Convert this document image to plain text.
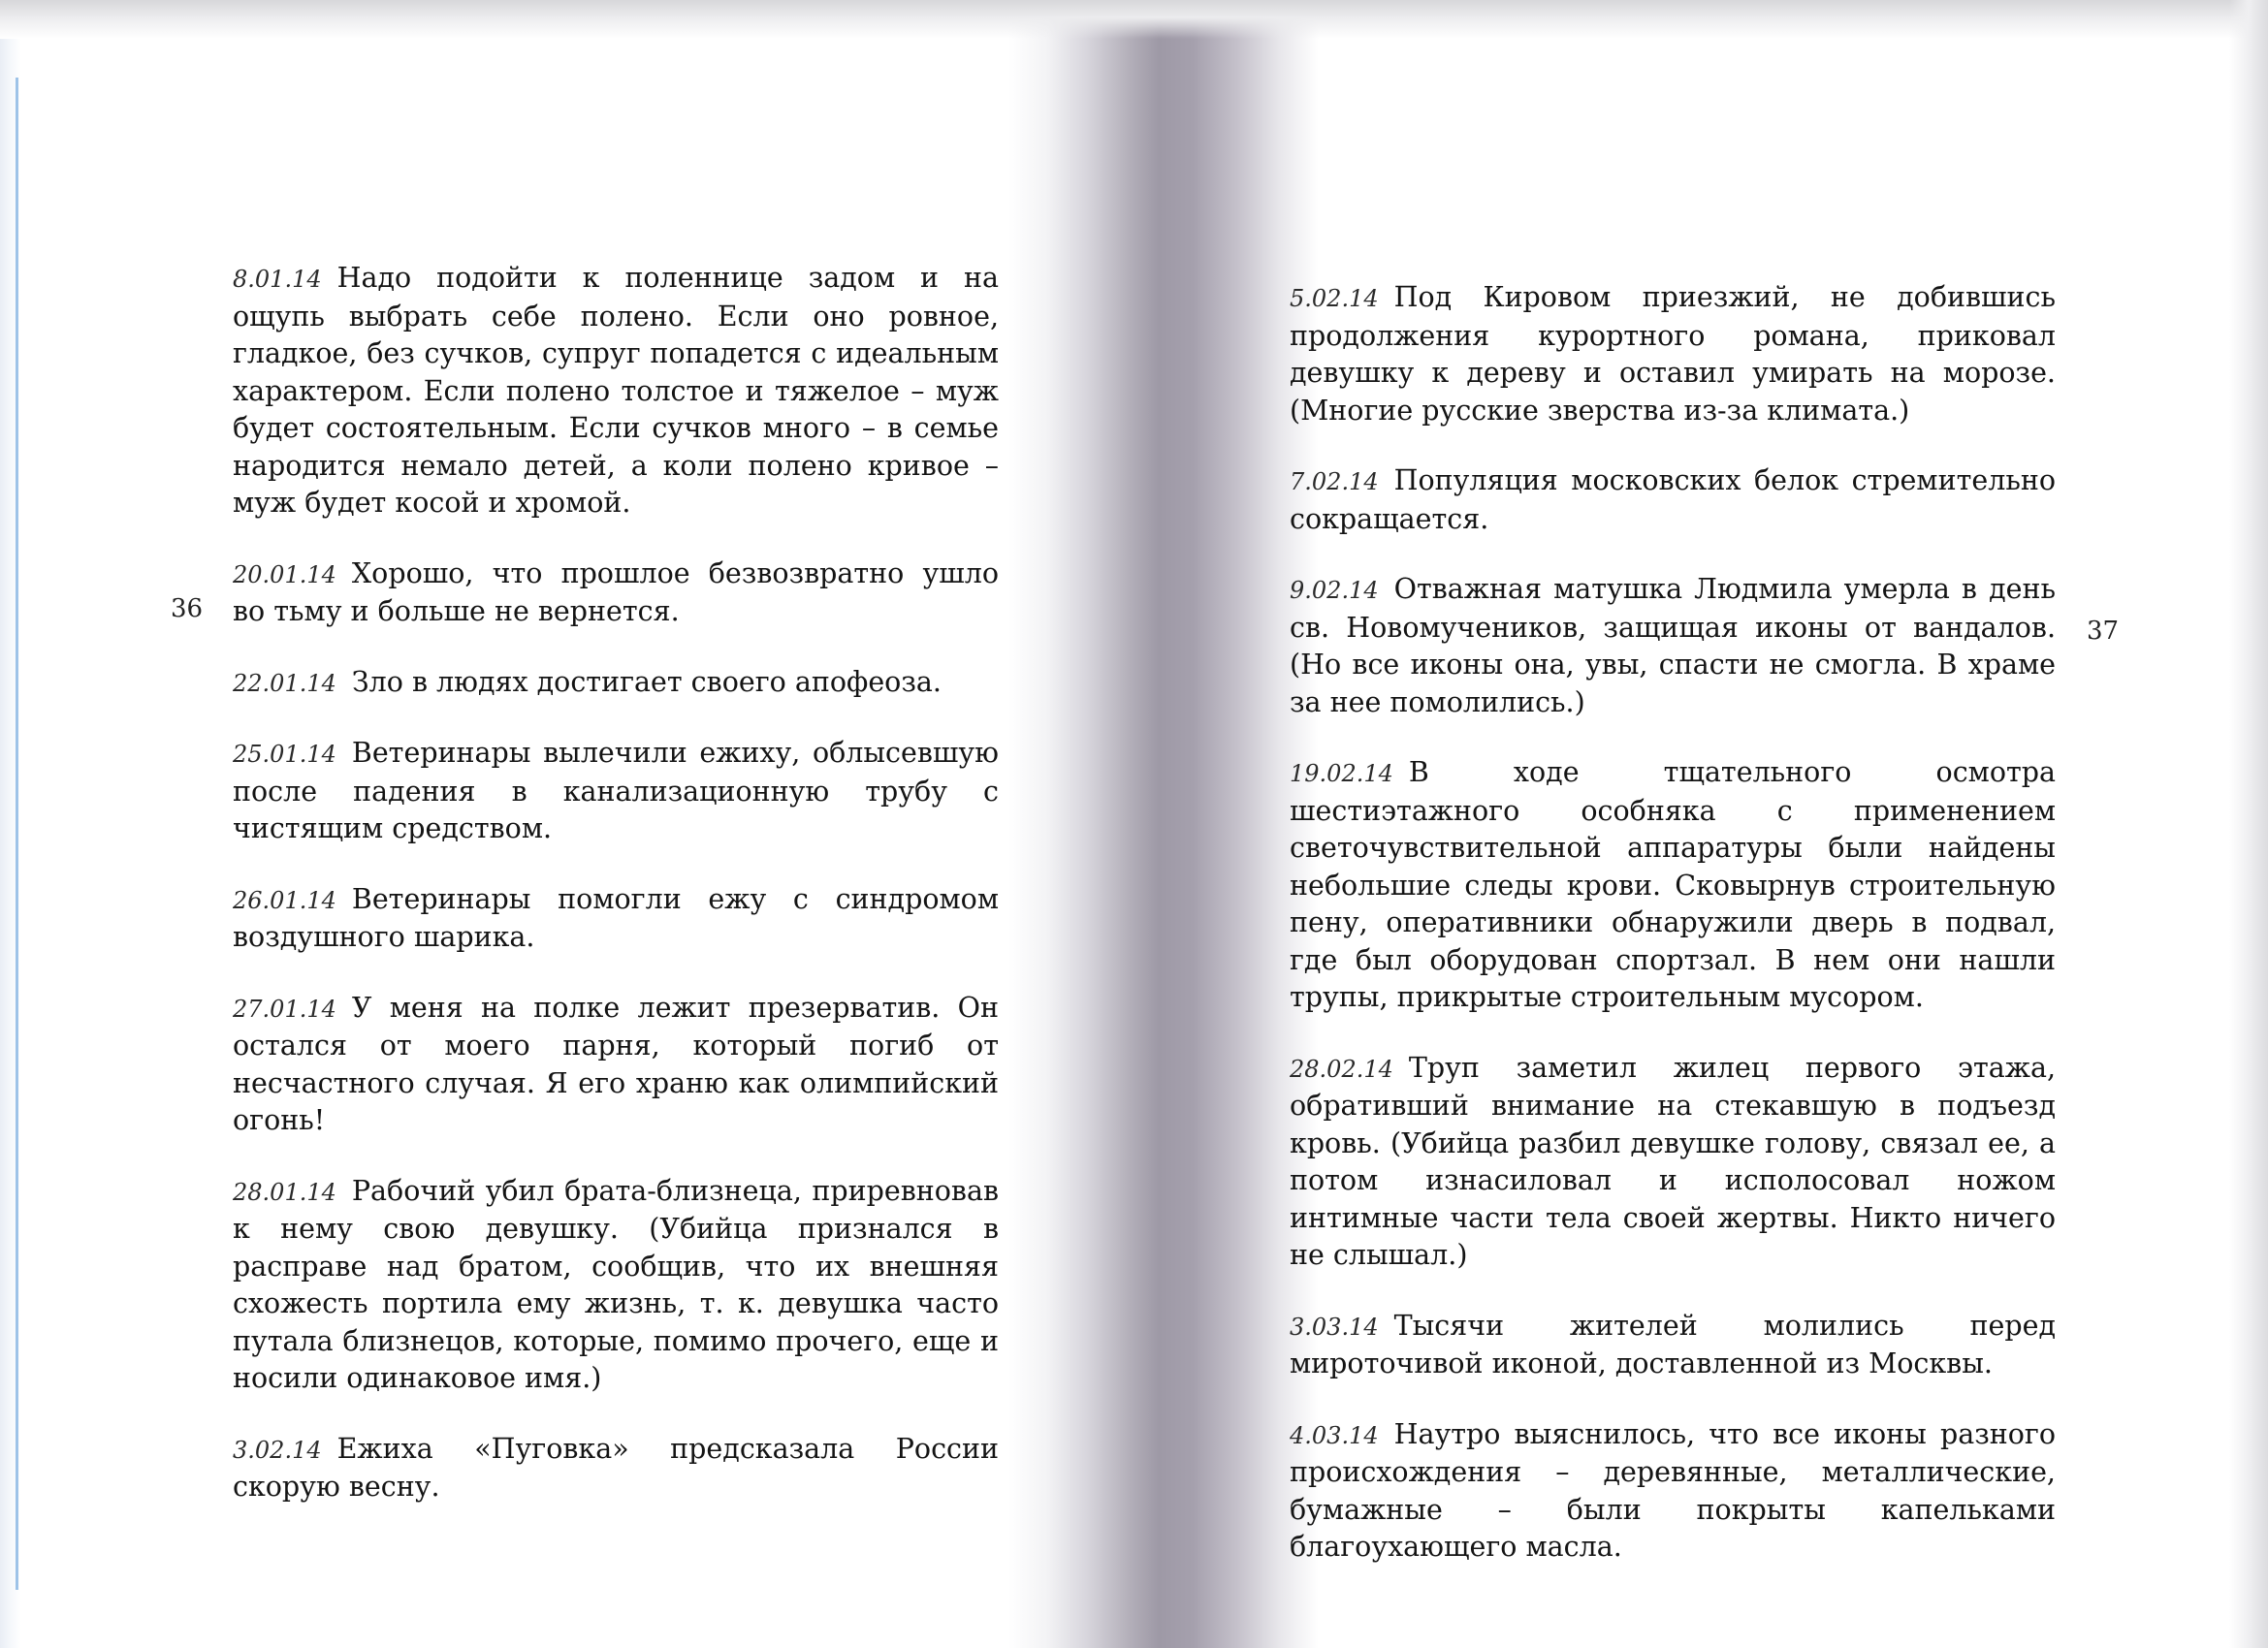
36
37

8.01.14 Надо подойти к поленнице задом и на ощупь выбрать себе полено. Если оно ровное, гладкое, без сучков, супруг попадется с идеальным характером. Если полено толстое и тяжелое – муж будет состоятельным. Если сучков много – в семье народится немало детей, а коли полено кривое – муж будет косой и хромой.

20.01.14 Хорошо, что прошлое безвозвратно ушло во тьму и больше не вернется.

22.01.14 Зло в людях достигает своего апофеоза.

25.01.14 Ветеринары вылечили ежиху, облысевшую после падения в канализационную трубу с чистящим средством.

26.01.14 Ветеринары помогли ежу с синдромом воздушного шарика.

27.01.14 У меня на полке лежит презерватив. Он остался от моего парня, который погиб от несчастного случая. Я его храню как олимпийский огонь!

28.01.14 Рабочий убил брата-близнеца, приревновав к нему свою девушку. (Убийца признался в расправе над братом, сообщив, что их внешняя схожесть портила ему жизнь, т. к. девушка часто путала близнецов, которые, помимо прочего, еще и носили одинаковое имя.)

3.02.14 Ежиха «Пуговка» предсказала России скорую весну.

5.02.14 Под Кировом приезжий, не добившись продолжения курортного романа, приковал девушку к дереву и оставил умирать на морозе. (Многие русские зверства из-за климата.)

7.02.14 Популяция московских белок стремительно сокращается.

9.02.14 Отважная матушка Людмила умерла в день св. Новомучеников, защищая иконы от вандалов. (Но все иконы она, увы, спасти не смогла. В храме за нее помолились.)

19.02.14 В ходе тщательного осмотра шестиэтажного особняка с применением светочувствительной аппаратуры были найдены небольшие следы крови. Сковырнув строительную пену, оперативники обнаружили дверь в подвал, где был оборудован спортзал. В нем они нашли трупы, прикрытые строительным мусором.

28.02.14 Труп заметил жилец первого этажа, обративший внимание на стекавшую в подъезд кровь. (Убийца разбил девушке голову, связал ее, а потом изнасиловал и исполосовал ножом интимные части тела своей жертвы. Никто ничего не слышал.)

3.03.14 Тысячи жителей молились перед мироточивой иконой, доставленной из Москвы.

4.03.14 Наутро выяснилось, что все иконы разного происхождения – деревянные, металлические, бумажные – были покрыты капельками благоухающего масла.
